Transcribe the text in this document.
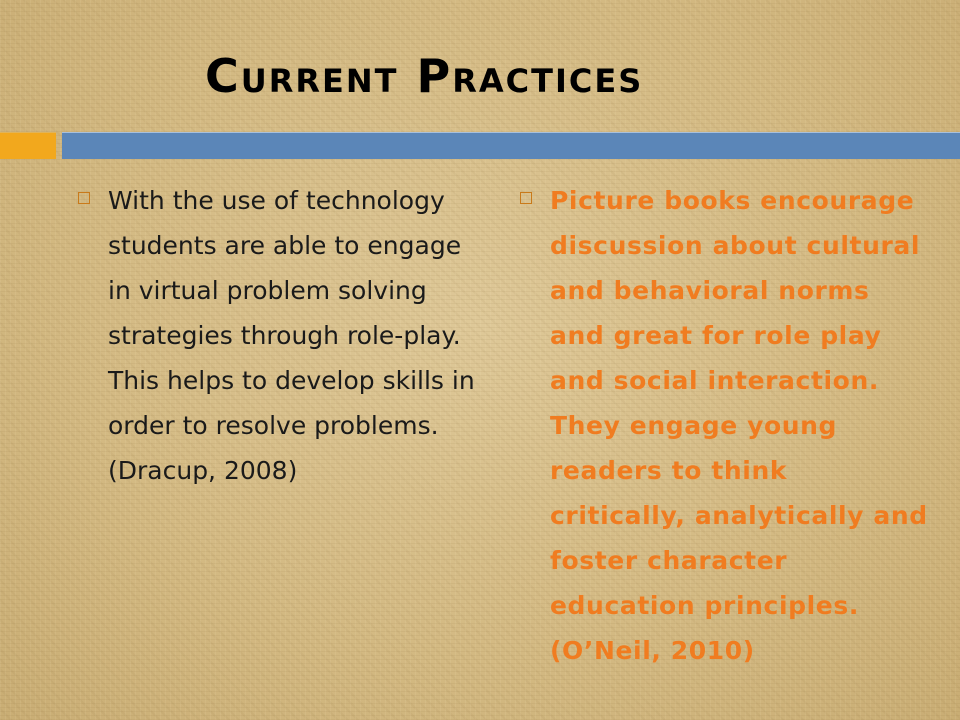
Current Practices
With the use of technology students are able to engage in virtual problem solving strategies through role-play. This helps to develop skills in order to resolve problems. (Dracup, 2008)
Picture books encourage discussion about cultural and behavioral norms and great for role play and social interaction. They engage young readers to think critically, analytically and foster character education principles. (O’Neil, 2010)
